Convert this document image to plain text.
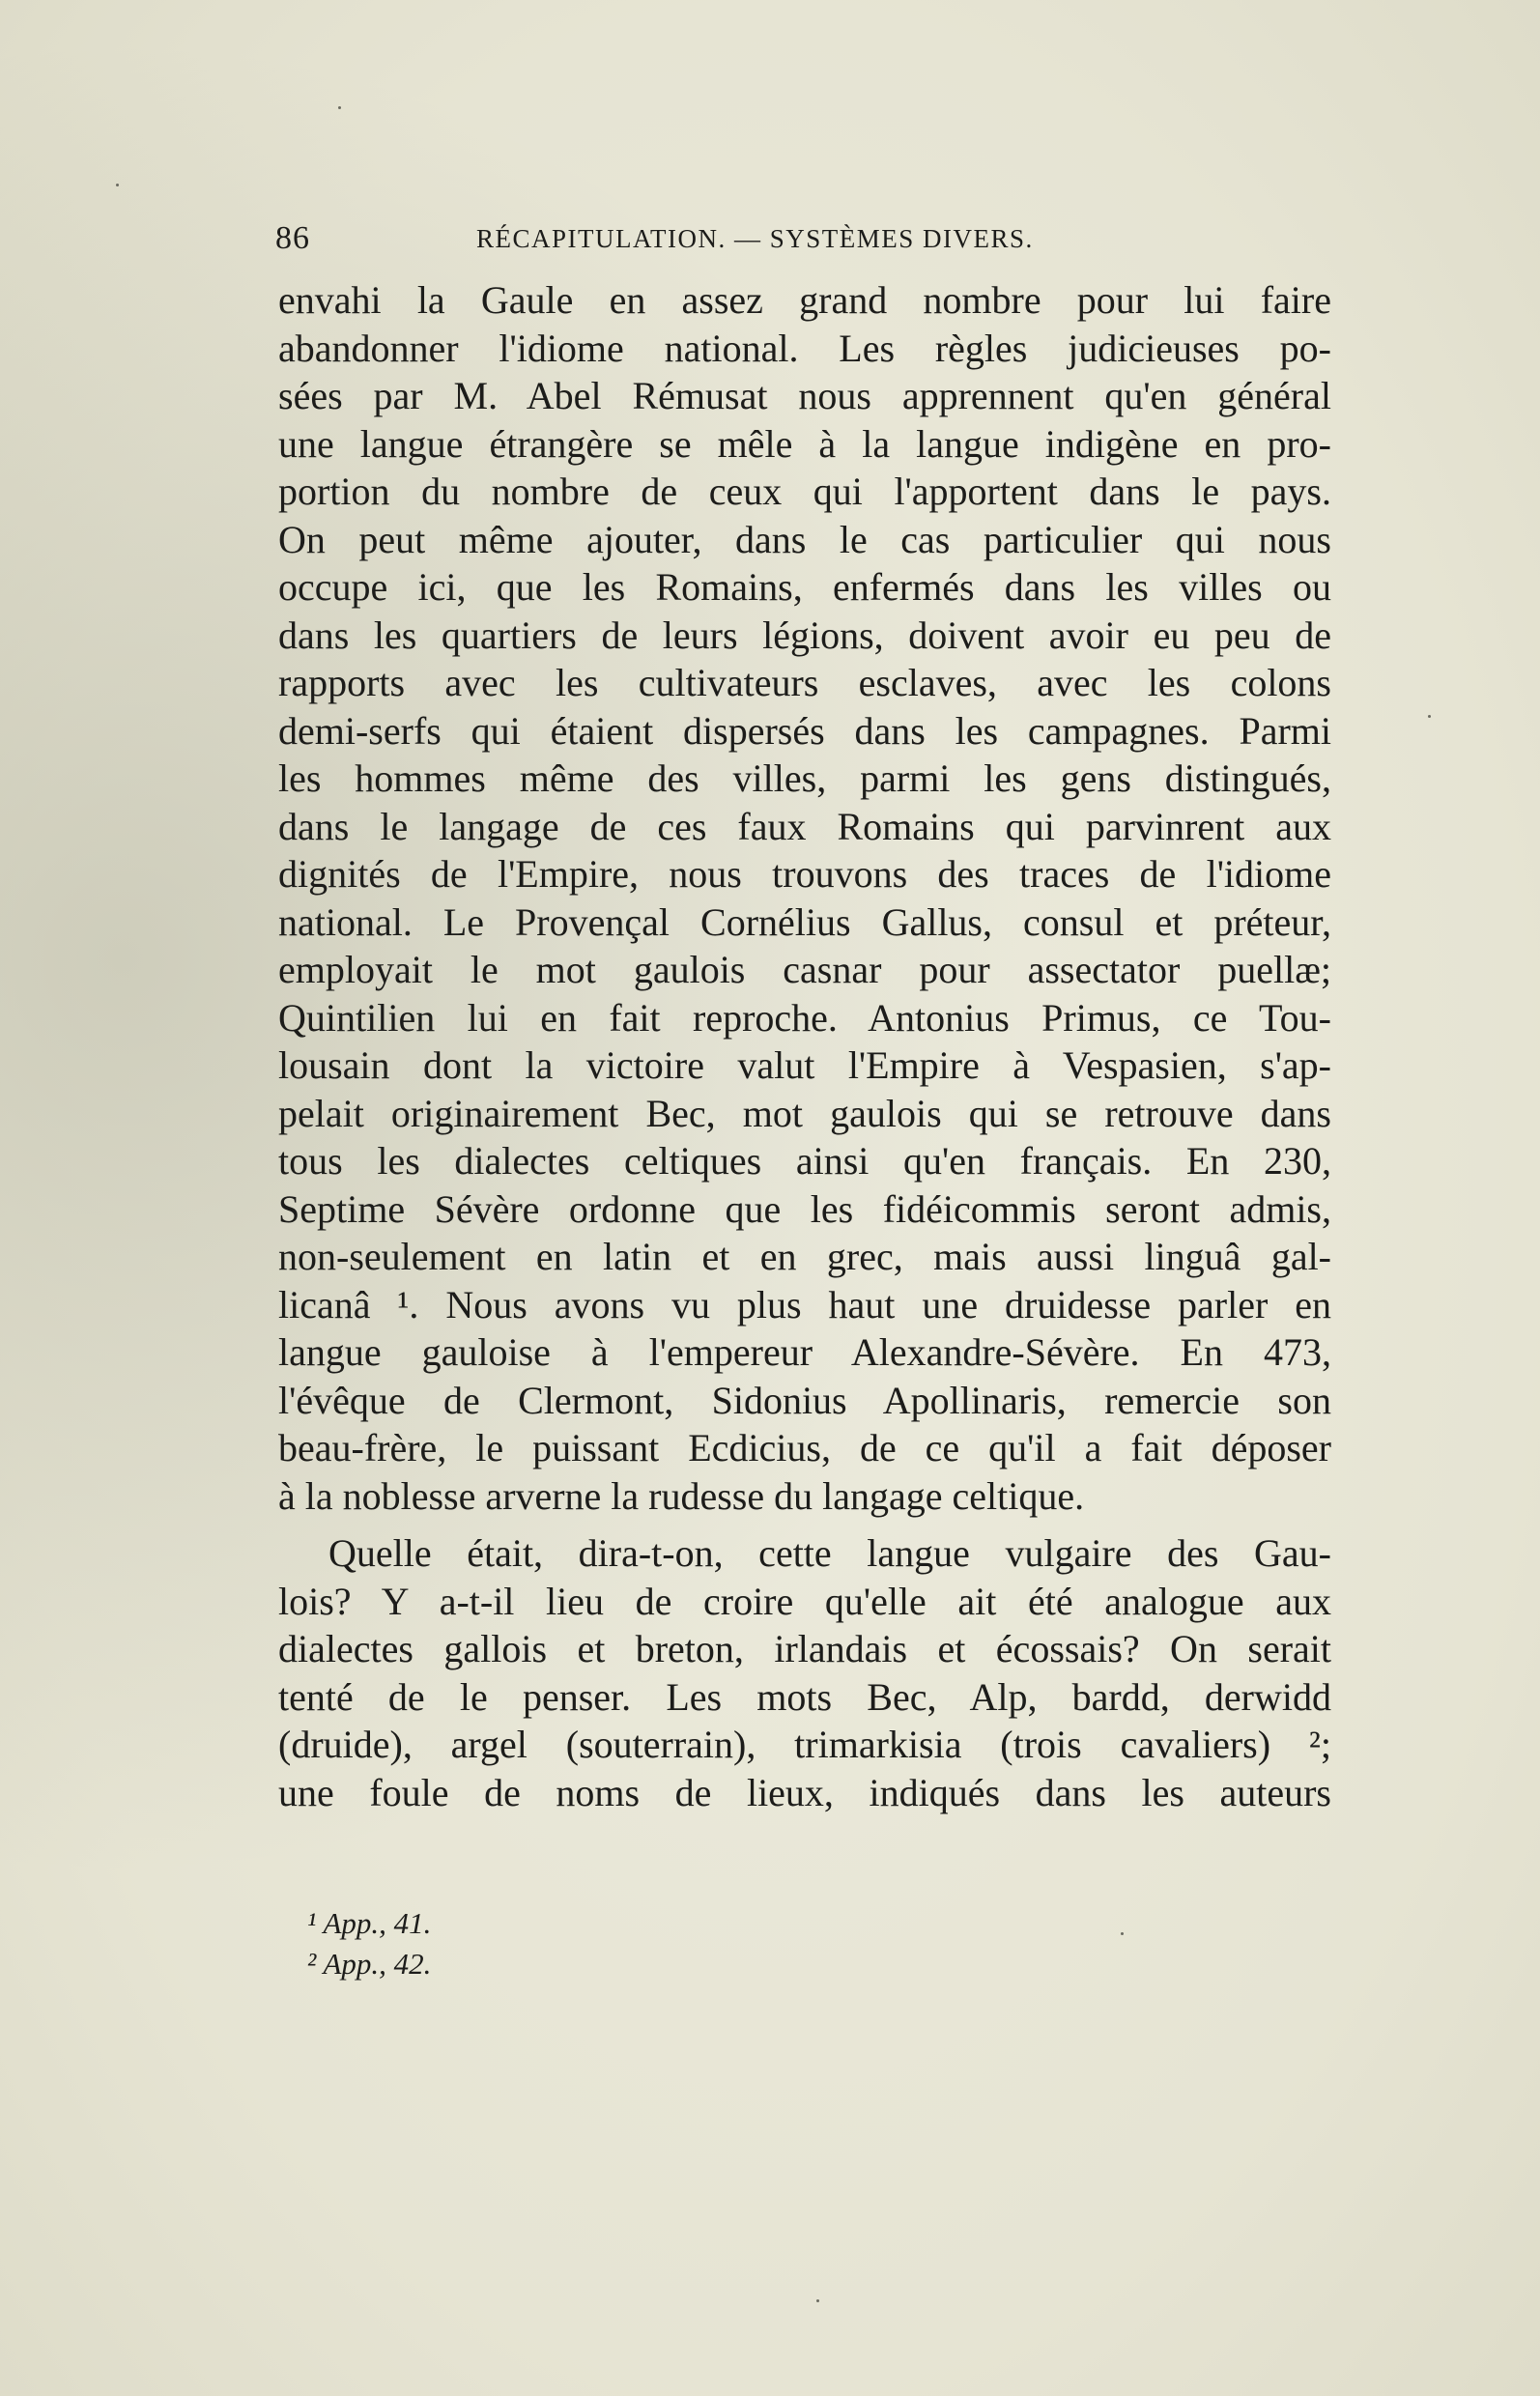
86	RÉCAPITULATION. — SYSTÈMES DIVERS.
envahi la Gaule en assez grand nombre pour lui faire
abandonner l'idiome national. Les règles judicieuses po-
sées par M. Abel Rémusat nous apprennent qu'en général
une langue étrangère se mêle à la langue indigène en pro-
portion du nombre de ceux qui l'apportent dans le pays.
On peut même ajouter, dans le cas particulier qui nous
occupe ici, que les Romains, enfermés dans les villes ou
dans les quartiers de leurs légions, doivent avoir eu peu de
rapports avec les cultivateurs esclaves, avec les colons
demi-serfs qui étaient dispersés dans les campagnes. Parmi
les hommes même des villes, parmi les gens distingués,
dans le langage de ces faux Romains qui parvinrent aux
dignités de l'Empire, nous trouvons des traces de l'idiome
national. Le Provençal Cornélius Gallus, consul et préteur,
employait le mot gaulois casnar pour assectator puellæ;
Quintilien lui en fait reproche. Antonius Primus, ce Tou-
lousain dont la victoire valut l'Empire à Vespasien, s'ap-
pelait originairement Bec, mot gaulois qui se retrouve dans
tous les dialectes celtiques ainsi qu'en français. En 230,
Septime Sévère ordonne que les fidéicommis seront admis,
non-seulement en latin et en grec, mais aussi linguâ gal-
licanâ ¹. Nous avons vu plus haut une druidesse parler en
langue gauloise à l'empereur Alexandre-Sévère. En 473,
l'évêque de Clermont, Sidonius Apollinaris, remercie son
beau-frère, le puissant Ecdicius, de ce qu'il a fait déposer
à la noblesse arverne la rudesse du langage celtique.
Quelle était, dira-t-on, cette langue vulgaire des Gau-
lois? Y a-t-il lieu de croire qu'elle ait été analogue aux
dialectes gallois et breton, irlandais et écossais? On serait
tenté de le penser. Les mots Bec, Alp, bardd, derwidd
(druide), argel (souterrain), trimarkisia (trois cavaliers) ²;
une foule de noms de lieux, indiqués dans les auteurs
¹ App., 41.
² App., 42.
